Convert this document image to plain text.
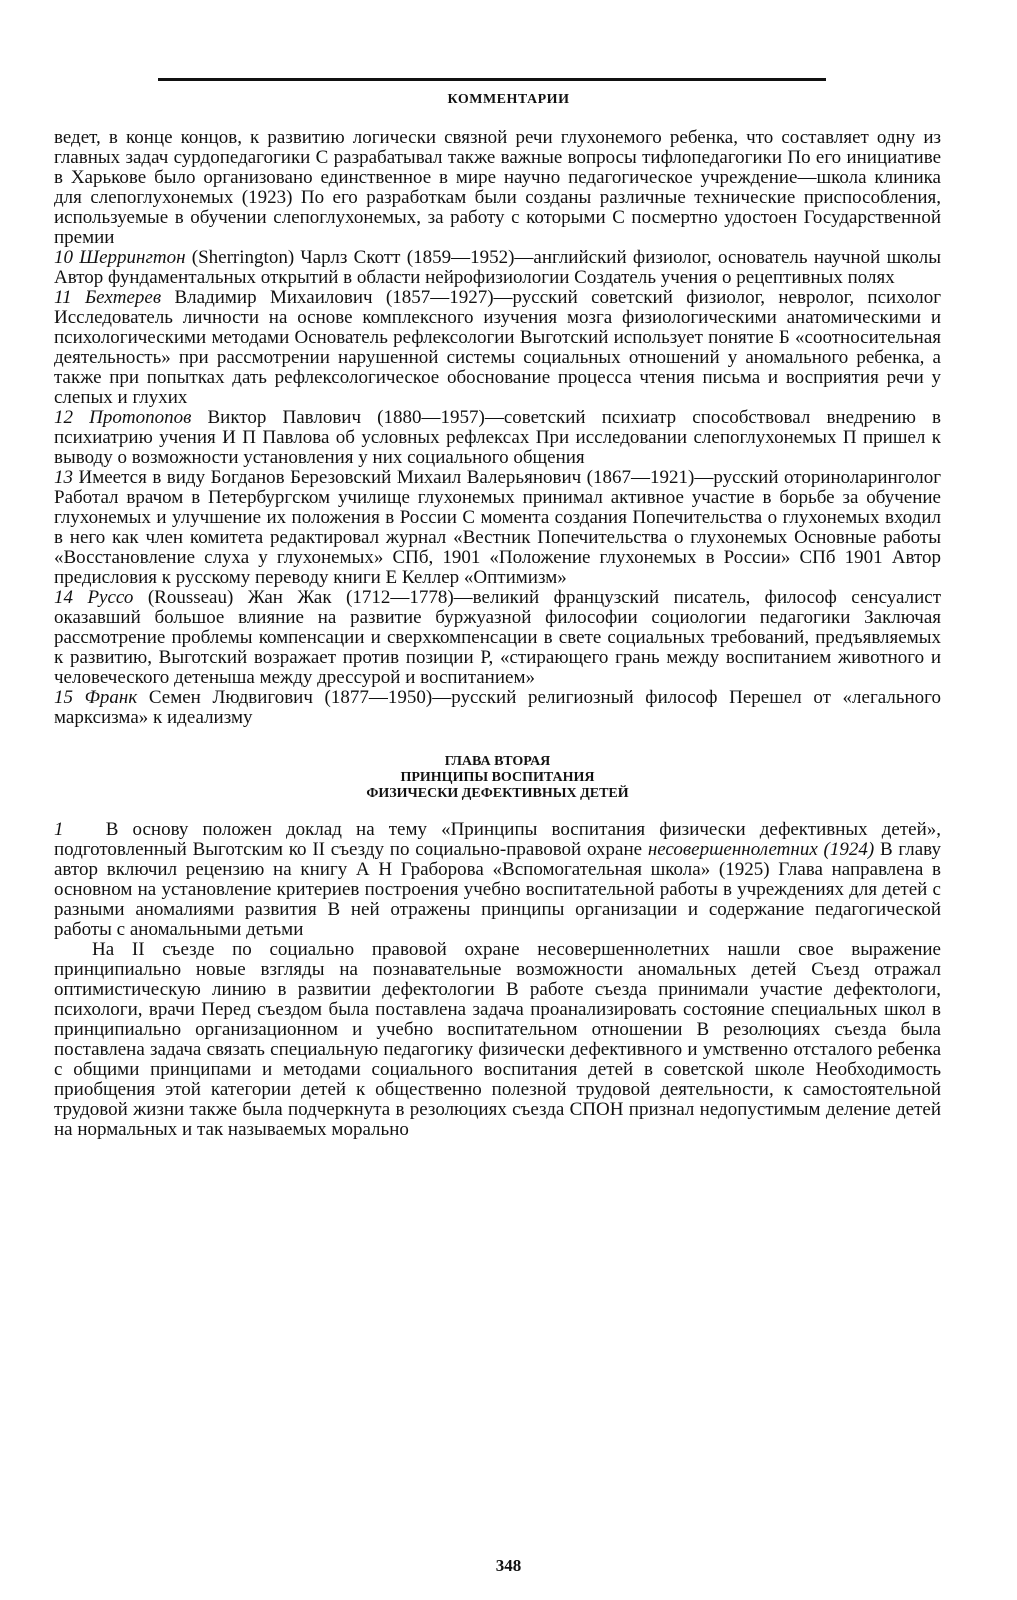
КОММЕНТАРИИ

ведет, в конце концов, к развитию логически связной речи глухонемого ребенка, что составляет одну из главных задач сурдопедагогики С разрабатывал также важные вопросы тифлопедагогики По его инициативе в Харькове было организовано единственное в мире научно педагогическое учреждение—школа клиника для слепоглухонемых (1923) По его разработкам были созданы различные технические приспособления, используемые в обучении слепоглухонемых, за работу с которыми С посмертно удостоен Государственной премии

10 Шеррингтон (Sherrington) Чарлз Скотт (1859—1952)—английский физиолог, основатель научной школы Автор фундаментальных открытий в области нейрофизиологии Создатель учения о рецептивных полях

11 Бехтерев Владимир Михаилович (1857—1927)—русский советский физиолог, невролог, психолог Исследователь личности на основе комплексного изучения мозга физиологическими анатомическими и психологическими методами Основатель рефлексологии Выготский использует понятие Б «соотносительная деятельность» при рассмотрении нарушенной системы социальных отношений у аномального ребенка, а также при попытках дать рефлексологическое обоснование процесса чтения письма и восприятия речи у слепых и глухих

12 Протопопов Виктор Павлович (1880—1957)—советский психиатр способствовал внедрению в психиатрию учения И П Павлова об условных рефлексах При исследовании слепоглухонемых П пришел к выводу о возможности установления у них социального общения

13 Имеется в виду Богданов Березовский Михаил Валерьянович (1867—1921)—русский оториноларинголог Работал врачом в Петербургском училище глухонемых принимал активное участие в борьбе за обучение глухонемых и улучшение их положения в России С момента создания Попечительства о глухонемых входил в него как член комитета редактировал журнал «Вестник Попечительства о глухонемых Основные работы «Восстановление слуха у глухонемых» СПб, 1901 «Положение глухонемых в России» СПб 1901 Автор предисловия к русскому переводу книги Е Келлер «Оптимизм»

14 Руссо (Rousseau) Жан Жак (1712—1778)—великий французский писатель, философ сенсуалист оказавший большое влияние на развитие буржуазной философии социологии педагогики Заключая рассмотрение проблемы компенсации и сверхкомпенсации в свете социальных требований, предъявляемых к развитию, Выготский возражает против позиции Р, «стирающего грань между воспитанием животного и человеческого детеныша между дрессурой и воспитанием»

15 Франк Семен Людвигович (1877—1950)—русский религиозный философ Перешел от «легального марксизма» к идеализму

ГЛАВА ВТОРАЯ

ПРИНЦИПЫ ВОСПИТАНИЯ

ФИЗИЧЕСКИ ДЕФЕКТИВНЫХ ДЕТЕЙ

1 В основу положен доклад на тему «Принципы воспитания физически дефективных детей», подготовленный Выготским ко II съезду по социально-правовой охране несовершеннолетних (1924) В главу автор включил рецензию на книгу А Н Грабoрова «Вспомогательная школа» (1925) Глава направлена в основном на установление критериев построения учебно воспитательной работы в учреждениях для детей с разными аномалиями развития В ней отражены принципы организации и содержание педагогической работы с аномальными детьми

На II съезде по социально правовой охране несовершеннолетних нашли свое выражение принципиально новые взгляды на познавательные возможности аномальных детей Съезд отражал оптимистическую линию в развитии дефектологии В работе съезда принимали участие дефектологи, психологи, врачи Перед съездом была поставлена задача проанализировать состояние специальных школ в принципиально организационном и учебно воспитательном отношении В резолюциях съезда была поставлена задача связать специальную педагогику физически дефективного и умственно отсталого ребенка с общими принципами и методами социального воспитания детей в советской школе Необходимость приобщения этой категории детей к общественно полезной трудовой деятельности, к самостоятельной трудовой жизни также была подчеркнута в резолюциях съезда СПОН признал недопустимым деление детей на нормальных и так называемых морально

348
